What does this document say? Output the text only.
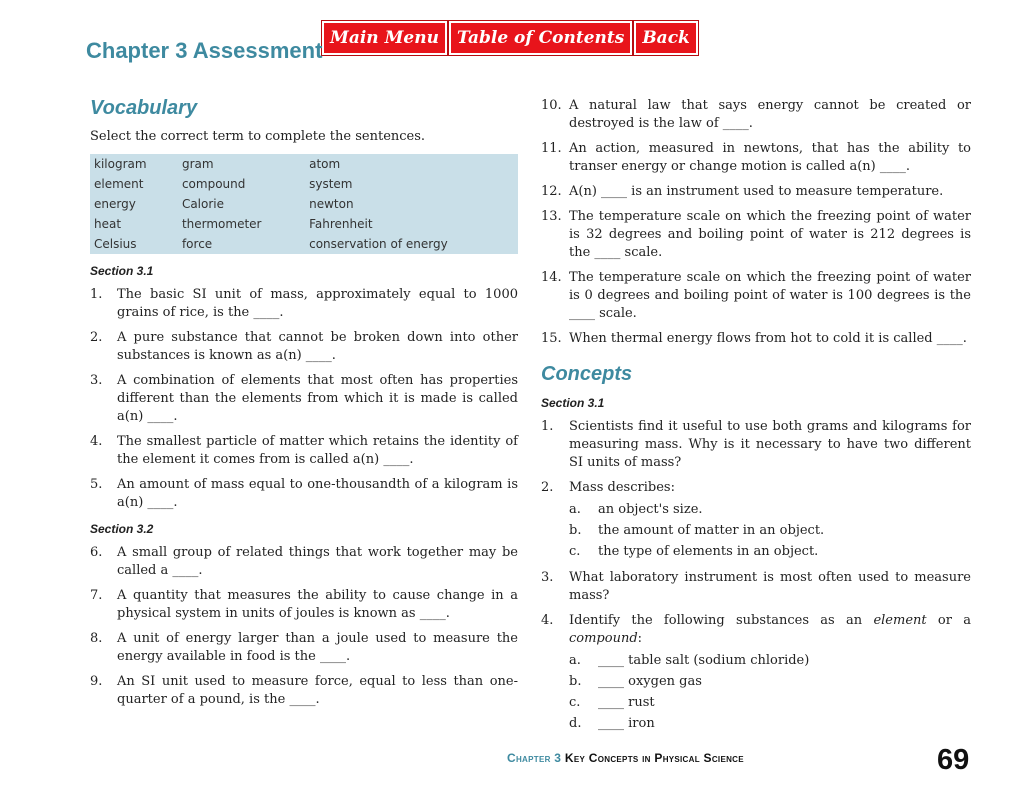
Main Menu	Table of Contents	Back
Chapter 3 Assessment
Vocabulary

Select the correct term to complete the sentences.

kilogram	gram	atom
element	compound	system
energy	Calorie	newton
heat	thermometer	Fahrenheit
Celsius	force	conservation of energy
Section 3.1
1.	The basic SI unit of mass, approximately equal to 1000 grains of rice, is the ____.
2.	A pure substance that cannot be broken down into other substances is known as a(n) ____.
3.	A combination of elements that most often has properties different than the elements from which it is made is called a(n) ____.
4.	The smallest particle of matter which retains the identity of the element it comes from is called a(n) ____.
5.	An amount of mass equal to one-thousandth of a kilogram is a(n) ____.
Section 3.2
6.	A small group of related things that work together may be called a ____.
7.	A quantity that measures the ability to cause change in a physical system in units of joules is known as ____.
8.	A unit of energy larger than a joule used to measure the energy available in food is the ____.
9.	An SI unit used to measure force, equal to less than one-quarter of a pound, is the ____.
10. A natural law that says energy cannot be created or destroyed is the law of ____.
11. An action, measured in newtons, that has the ability to transer energy or change motion is called a(n) ____.
12. A(n) ____ is an instrument used to measure temperature.
13. The temperature scale on which the freezing point of water is 32 degrees and boiling point of water is 212 degrees is the ____ scale.
14. The temperature scale on which the freezing point of water is 0 degrees and boiling point of water is 100 degrees is the ____ scale.
15. When thermal energy flows from hot to cold it is called ____.
Concepts
Section 3.1
1.	Scientists find it useful to use both grams and kilograms for measuring mass. Why is it necessary to have two different SI units of mass?
2.	Mass describes:
a.	an object's size.
b.	the amount of matter in an object.
c.	the type of elements in an object.
3.	What laboratory instrument is most often used to measure mass?
4.	Identify the following substances as an element or a compound:
a.	____ table salt (sodium chloride)
b.	____ oxygen gas
c.	____ rust
d.	____ iron
Chapter 3 Key Concepts in Physical Science	69
